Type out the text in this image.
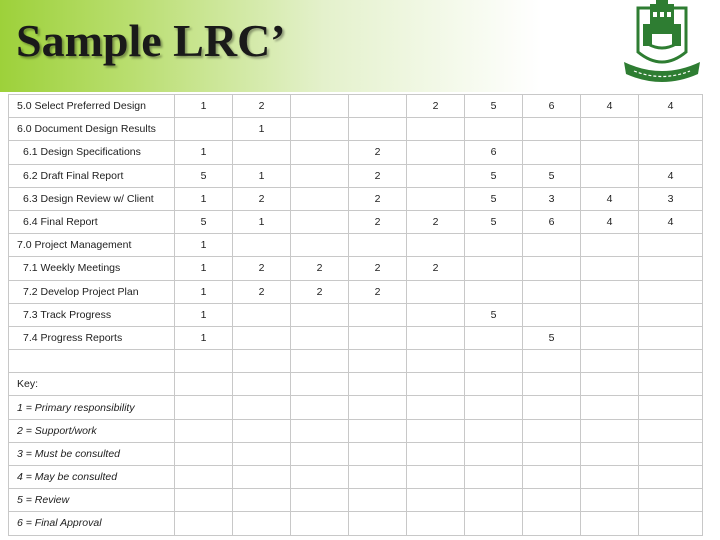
Sample LRC’
5.0 Select Preferred Design	1	2			2	5	6	4	4
6.0 Document Design Results		1							
6.1 Design Specifications	1			2		6			
6.2 Draft Final Report	5	1		2		5	5		4
6.3 Design Review w/ Client	1	2		2		5	3	4	3
6.4 Final Report	5	1		2	2	5	6	4	4
7.0 Project Management	1								
7.1 Weekly Meetings	1	2	2	2	2				
7.2 Develop Project Plan	1	2	2	2					
7.3 Track Progress	1					5			
7.4 Progress Reports	1						5		

Key:									
1 = Primary responsibility									
2 = Support/work									
3 = Must be consulted									
4 = May be consulted									
5 = Review									
6 = Final Approval									
